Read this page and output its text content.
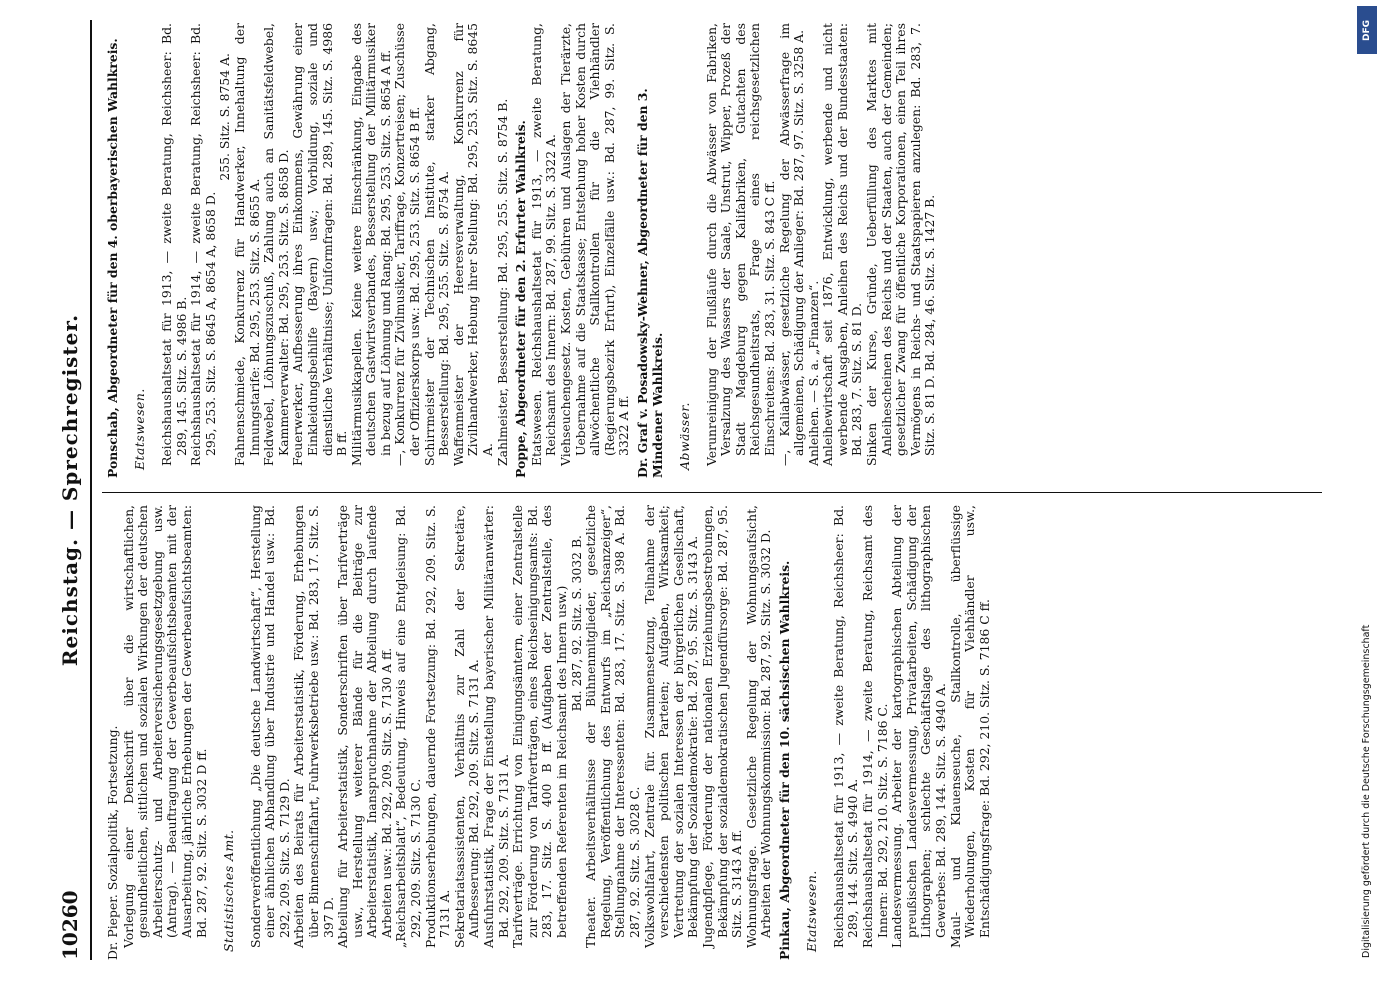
10260
Reichstag. — Sprechregister.

Dr. Pieper. Sozialpolitik, Fortsetzung. Vorlegung einer Denkschrift über die wirtschaftlichen, gesundheitlichen, sittlichen und sozialen Wirkungen der deutschen Arbeiterschutz- und Arbeiterversicherungsgesetzgebung usw. (Antrag). — Beauftragung der Gewerbeaufsichtsbeamten mit der Ausarbeitung, jährliche Erhebungen der Gewerbeaufsichtsbeamten: Bd. 287, 92. Sitz. S. 3032 D ff. Statistisches Amt. Sonderveröffentlichung „Die deutsche Landwirtschaft“, Herstellung einer ähnlichen Abhandlung über Industrie und Handel usw.: Bd. 292, 209. Sitz. S. 7129 D. Arbeiten des Beirats für Arbeiterstatistik, Förderung, Erhebungen über Binnenschiffahrt, Fuhrwerksbetriebe usw.: Bd. 283, 17. Sitz. S. 397 D. Abteilung für Arbeiterstatistik, Sonderschriften über Tarifverträge usw., Herstellung weiterer Bände für die Beiträge zur Arbeiterstatistik, Inanspruchnahme der Abteilung durch laufende Arbeiten usw.: Bd. 292, 209. Sitz. S. 7130 A ff. „Reichsarbeitsblatt“, Bedeutung, Hinweis auf eine Entgleisung: Bd. 292, 209. Sitz. S. 7130 C. Produktionserhebungen, dauernde Fortsetzung: Bd. 292, 209. Sitz. S. 7131 A. Sekretariatsassistenten, Verhältnis zur Zahl der Sekretäre, Aufbesserung: Bd. 292, 209. Sitz. S. 7131 A. Ausfuhrstatistik, Frage der Einstellung bayerischer Militäranwärter: Bd. 292, 209. Sitz. S. 7131 A. Tarifverträge. Errichtung von Einigungsämtern, einer Zentralstelle zur Förderung von Tarifverträgen, eines Reichseinigungsamts: Bd. 283, 17. Sitz. S. 400 B ff. (Aufgaben der Zentralstelle, des betreffenden Referenten im Reichsamt des Innern usw.) Bd. 287, 92. Sitz. S. 3032 B. Theater. Arbeitsverhältnisse der Bühnenmitglieder, gesetzliche Regelung, Veröffentlichung des Entwurfs im „Reichsanzeiger“, Stellungnahme der Interessenten: Bd. 283, 17. Sitz. S. 398 A. Bd. 287, 92. Sitz. S. 3028 C. Volkswohlfahrt, Zentrale für. Zusammensetzung, Teilnahme der verschiedensten politischen Parteien; Aufgaben, Wirksamkeit; Vertretung der sozialen Interessen der bürgerlichen Gesellschaft, Bekämpfung der Sozialdemokratie: Bd. 287, 95. Sitz. S. 3143 A. Jugendpflege, Förderung der nationalen Erziehungsbestrebungen, Bekämpfung der sozialdemokratischen Jugendfürsorge: Bd. 287, 95. Sitz. S. 3143 A ff. Wohnungsfrage. Gesetzliche Regelung der Wohnungsaufsicht, Arbeiten der Wohnungskommission: Bd. 287, 92. Sitz. S. 3032 D. Pinkau, Abgeordneter für den 10. sächsischen Wahlkreis. Etatswesen. Reichshaushaltsetat für 1913, — zweite Beratung, Reichsheer: Bd. 289, 144. Sitz. S. 4940 A. Reichshaushaltsetat für 1914, — zweite Beratung, Reichsamt des Innern: Bd. 292, 210. Sitz. S. 7186 C. Landesvermessung. Arbeiter der kartographischen Abteilung der preußischen Landesvermessung, Privatarbeiten, Schädigung der Lithographen; schlechte Geschäftslage des lithographischen Gewerbes: Bd. 289, 144. Sitz. S. 4940 A. Maul- und Klauenseuche, Stallkontrolle, überflüssige Wiederholungen, Kosten für Viehhändler usw., Entschädigungsfrage: Bd. 292, 210. Sitz. S. 7186 C ff.

Ponschab, Abgeordneter für den 4. oberbayerischen Wahlkreis. Etatswesen. Reichshaushaltsetat für 1913, — zweite Beratung, Reichsheer: Bd. 289, 145. Sitz. S. 4986 B. Reichshaushaltsetat für 1914, — zweite Beratung, Reichsheer: Bd. 295, 253. Sitz. S. 8645 A, 8654 A, 8658 D.

255. Sitz. S. 8754 A. Fahnenschmiede, Konkurrenz für Handwerker, Innehaltung der Innungstarife: Bd. 295, 253. Sitz. S. 8655 A. Feldwebel, Löhnungszuschuß, Zahlung auch an Sanitätsfeldwebel, Kammerverwalter: Bd. 295, 253. Sitz. S. 8658 D. Feuerwerker, Aufbesserung ihres Einkommens, Gewährung einer Einkleidungsbeihilfe (Bayern) usw.; Vorbildung, soziale und dienstliche Verhältnisse; Uniformfragen: Bd. 289, 145. Sitz. S. 4986 B ff. Militärmusikkapellen. Keine weitere Einschränkung, Eingabe des deutschen Gastwirtsverbandes, Besserstellung der Militärmusiker in bezug auf Löhnung und Rang: Bd. 295, 253. Sitz. S. 8654 A ff. —, Konkurrenz für Zivilmusiker, Tariffrage, Konzertreisen; Zuschüsse der Offizierskorps usw.: Bd. 295, 253. Sitz. S. 8654 B ff. Schirrmeister der Technischen Institute, starker Abgang, Besserstellung: Bd. 295, 255. Sitz. S. 8754 A. Waffenmeister der Heeresverwaltung, Konkurrenz für Zivilhandwerker, Hebung ihrer Stellung: Bd. 295, 253. Sitz. S. 8645 A. Zahlmeister, Besserstellung: Bd. 295, 255. Sitz. S. 8754 B. Poppe, Abgeordneter für den 2. Erfurter Wahlkreis. Etatswesen. Reichshaushaltsetat für 1913, — zweite Beratung, Reichsamt des Innern: Bd. 287, 99. Sitz. S. 3322 A. Viehseuchengesetz. Kosten, Gebühren und Auslagen der Tierärzte, Uebernahme auf die Staatskasse; Entstehung hoher Kosten durch allwöchentliche Stallkontrollen für die Viehhändler (Regierungsbezirk Erfurt), Einzelfälle usw.: Bd. 287, 99. Sitz. S. 3322 A ff. Dr. Graf v. Posadowsky-Wehner, Abgeordneter für den 3. Mindener Wahlkreis. Abwässer. Verunreinigung der Flußläufe durch die Abwässer von Fabriken, Versalzung des Wassers der Saale, Unstrut, Wipper, Prozeß der Stadt Magdeburg gegen Kalifabriken, Gutachten des Reichsgesundheitsrats, Frage eines reichsgesetzlichen Einschreitens: Bd. 283, 31. Sitz. S. 843 C ff. —, Kaliabwässer, gesetzliche Regelung der Abwässerfrage im allgemeinen, Schädigung der Anlieger: Bd. 287, 97. Sitz. S. 3258 A. Anleihen. — S. a. „Finanzen“. Anleihewirtschaft seit 1876, Entwicklung, werbende und nicht werbende Ausgaben, Anleihen des Reichs und der Bundesstaaten: Bd. 283, 7. Sitz. S. 81 D. Sinken der Kurse, Gründe, Ueberfüllung des Marktes mit Anleihescheinen des Reichs und der Staaten, auch der Gemeinden; gesetzlicher Zwang für öffentliche Korporationen, einen Teil ihres Vermögens in Reichs- und Staatspapieren anzulegen: Bd. 283, 7. Sitz. S. 81 D. Bd. 284, 46. Sitz. S. 1427 B.

DFG
Digitalisierung gefördert durch die Deutsche Forschungsgemeinschaft
